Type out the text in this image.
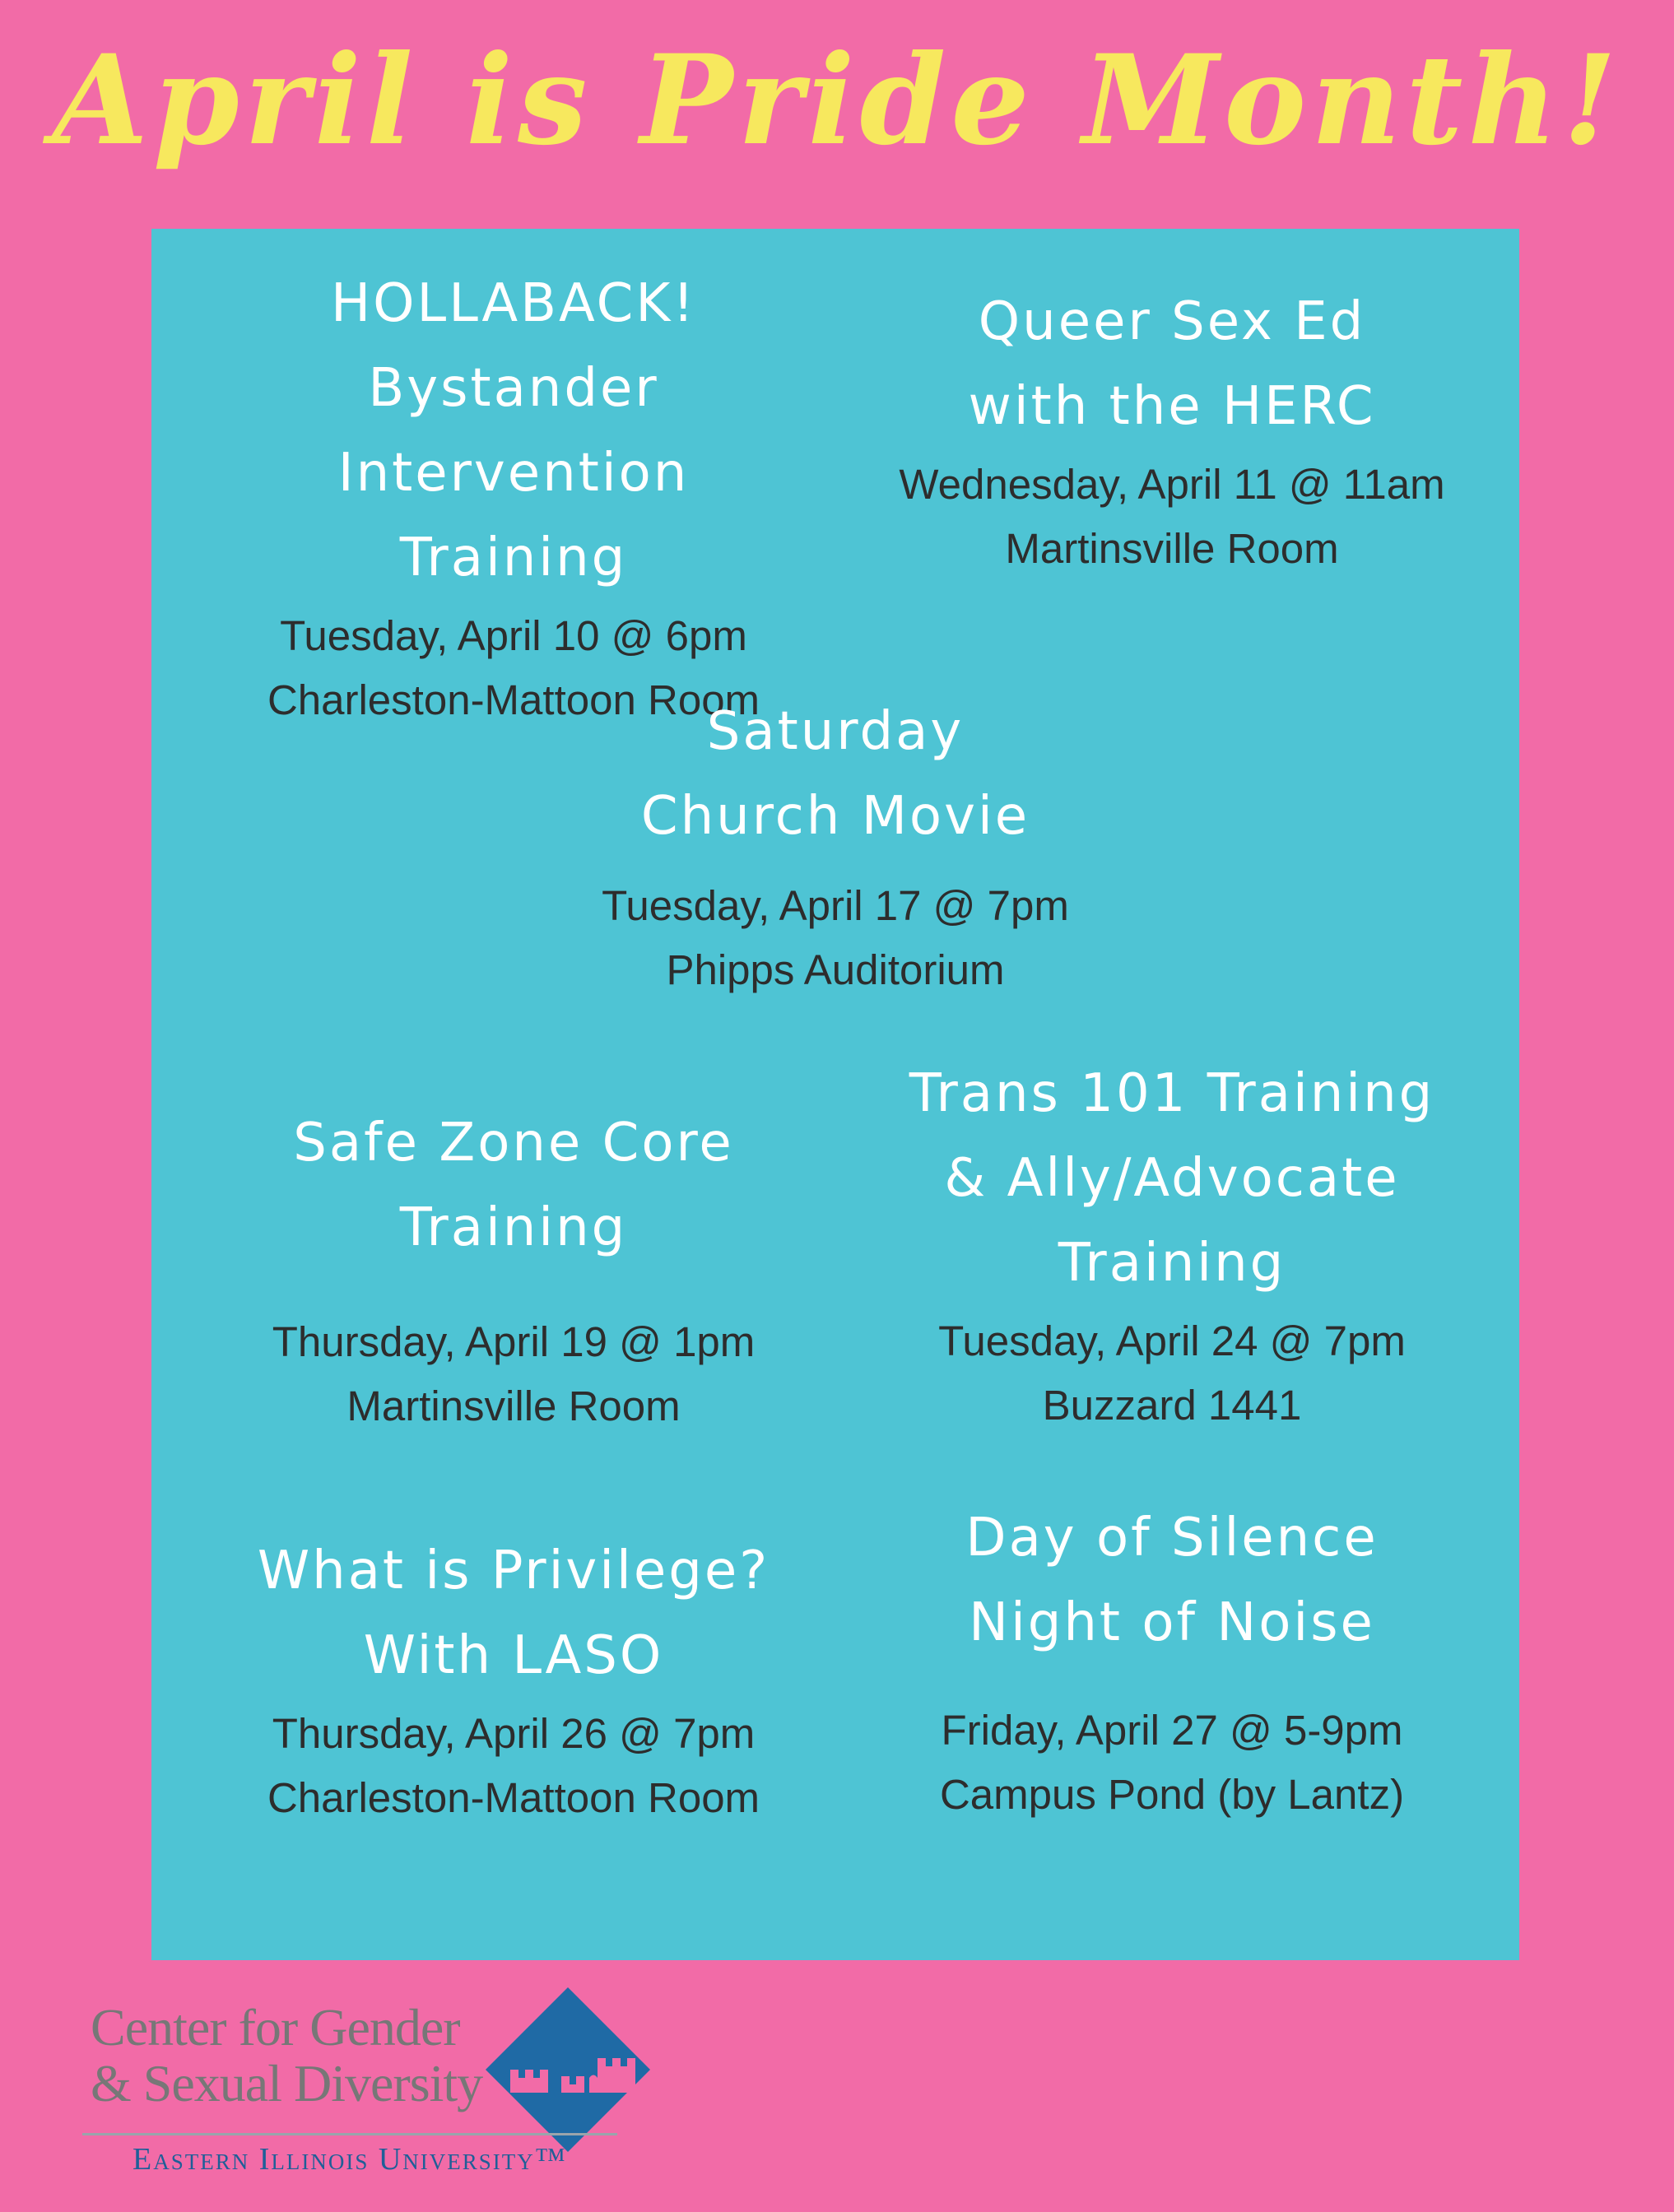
April is Pride Month!

HOLLABACK!

Bystander Intervention

Training

Tuesday, April 10 @ 6pm

Charleston-Mattoon Room

Queer Sex Ed

with the HERC

Wednesday, April 11 @ 11am

Martinsville Room

Saturday

Church Movie

Tuesday, April 17 @ 7pm

Phipps Auditorium

Safe Zone Core

Training

Thursday, April 19 @ 1pm

Martinsville Room

Trans 101 Training

& Ally/Advocate

Training

Tuesday, April 24 @ 7pm

Buzzard 1441

What is Privilege?

With LASO

Thursday, April 26 @ 7pm

Charleston-Mattoon Room

Day of Silence

Night of Noise

Friday, April 27 @ 5-9pm

Campus Pond (by Lantz)

Center for Gender
& Sexual Diversity

Eastern Illinois University™
